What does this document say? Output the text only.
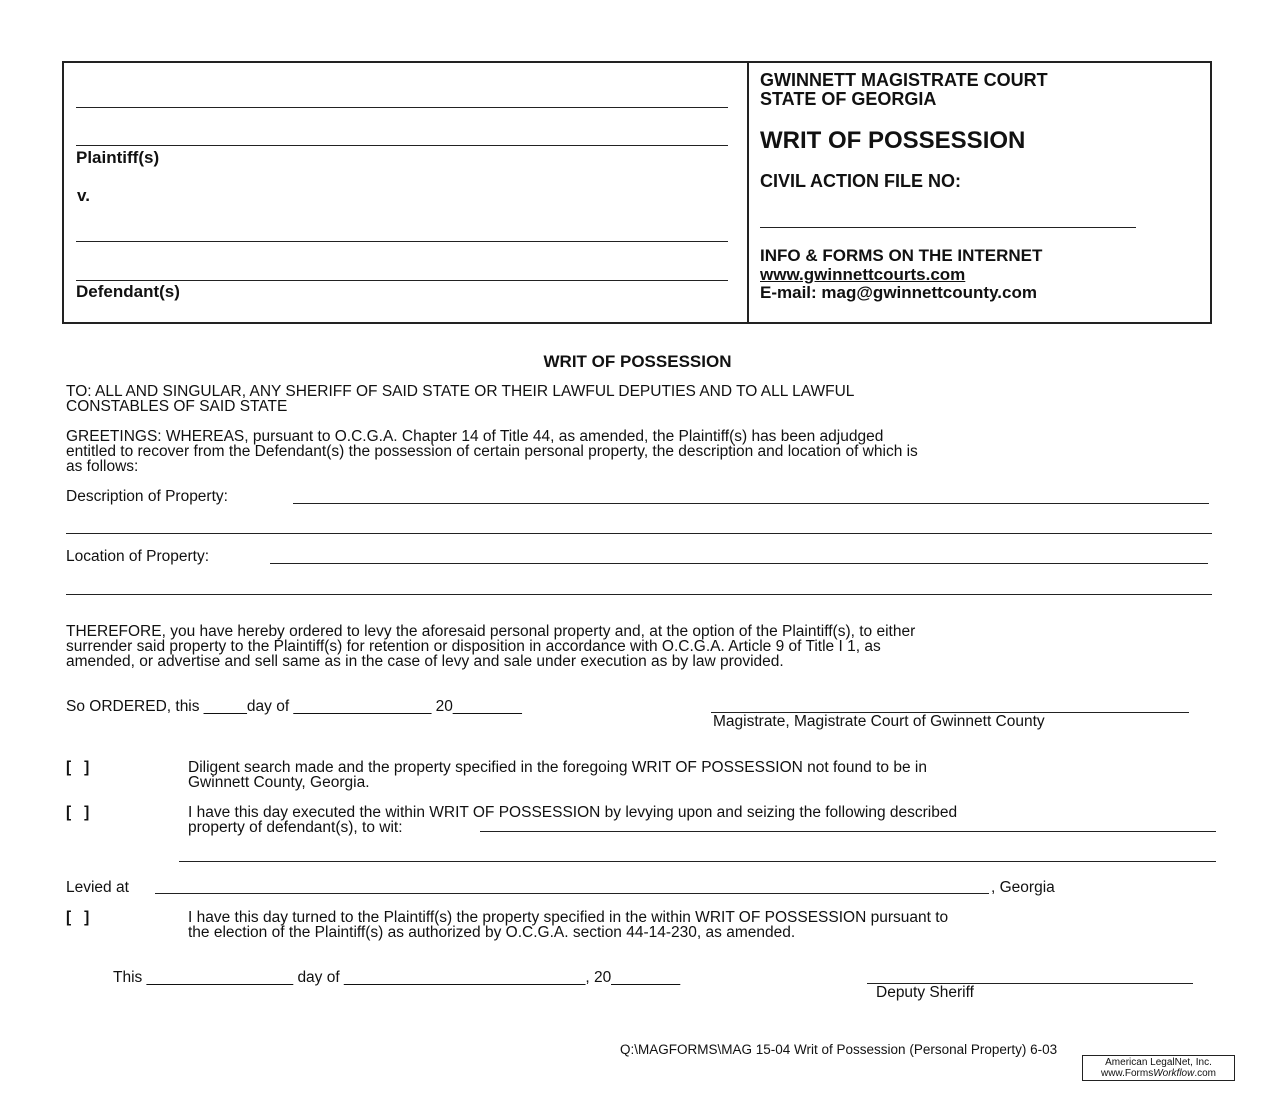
Plaintiff(s)
v.
Defendant(s)
GWINNETT MAGISTRATE COURT
STATE OF GEORGIA
WRIT OF POSSESSION
CIVIL ACTION FILE NO:
INFO & FORMS ON THE INTERNET
www.gwinnettcourts.com
E-mail: mag@gwinnettcounty.com
WRIT OF POSSESSION
TO: ALL AND SINGULAR, ANY SHERIFF OF SAID STATE OR THEIR LAWFUL DEPUTIES AND TO ALL LAWFUL
CONSTABLES OF SAID STATE
GREETINGS: WHEREAS, pursuant to O.C.G.A. Chapter 14 of Title 44, as amended, the Plaintiff(s) has been adjudged
entitled to recover from the Defendant(s) the possession of certain personal property, the description and location of which is
as follows:
Description of Property:
Location of Property:
THEREFORE, you have hereby ordered to levy the aforesaid personal property and, at the option of the Plaintiff(s), to either
surrender said property to the Plaintiff(s) for retention or disposition in accordance with O.C.G.A. Article 9 of Title I 1, as
amended, or advertise and sell same as in the case of levy and sale under execution as by law provided.
So ORDERED, this _____day of ________________ 20________
Magistrate, Magistrate Court of Gwinnett County
[   ]	Diligent search made and the property specified in the foregoing WRIT OF POSSESSION not found to be in
Gwinnett County, Georgia.
[   ]	I have this day executed the within WRIT OF POSSESSION by levying upon and seizing the following described
property of defendant(s), to wit:
Levied at	, Georgia
[   ]	I have this day turned to the Plaintiff(s) the property specified in the within WRIT OF POSSESSION pursuant to
the election of the Plaintiff(s) as authorized by O.C.G.A. section 44-14-230, as amended.
This _________________ day of ____________________________, 20________
Deputy Sheriff
Q:\MAGFORMS\MAG 15-04 Writ of Possession (Personal Property) 6-03
American LegalNet, Inc.
www.FormsWorkflow.com
